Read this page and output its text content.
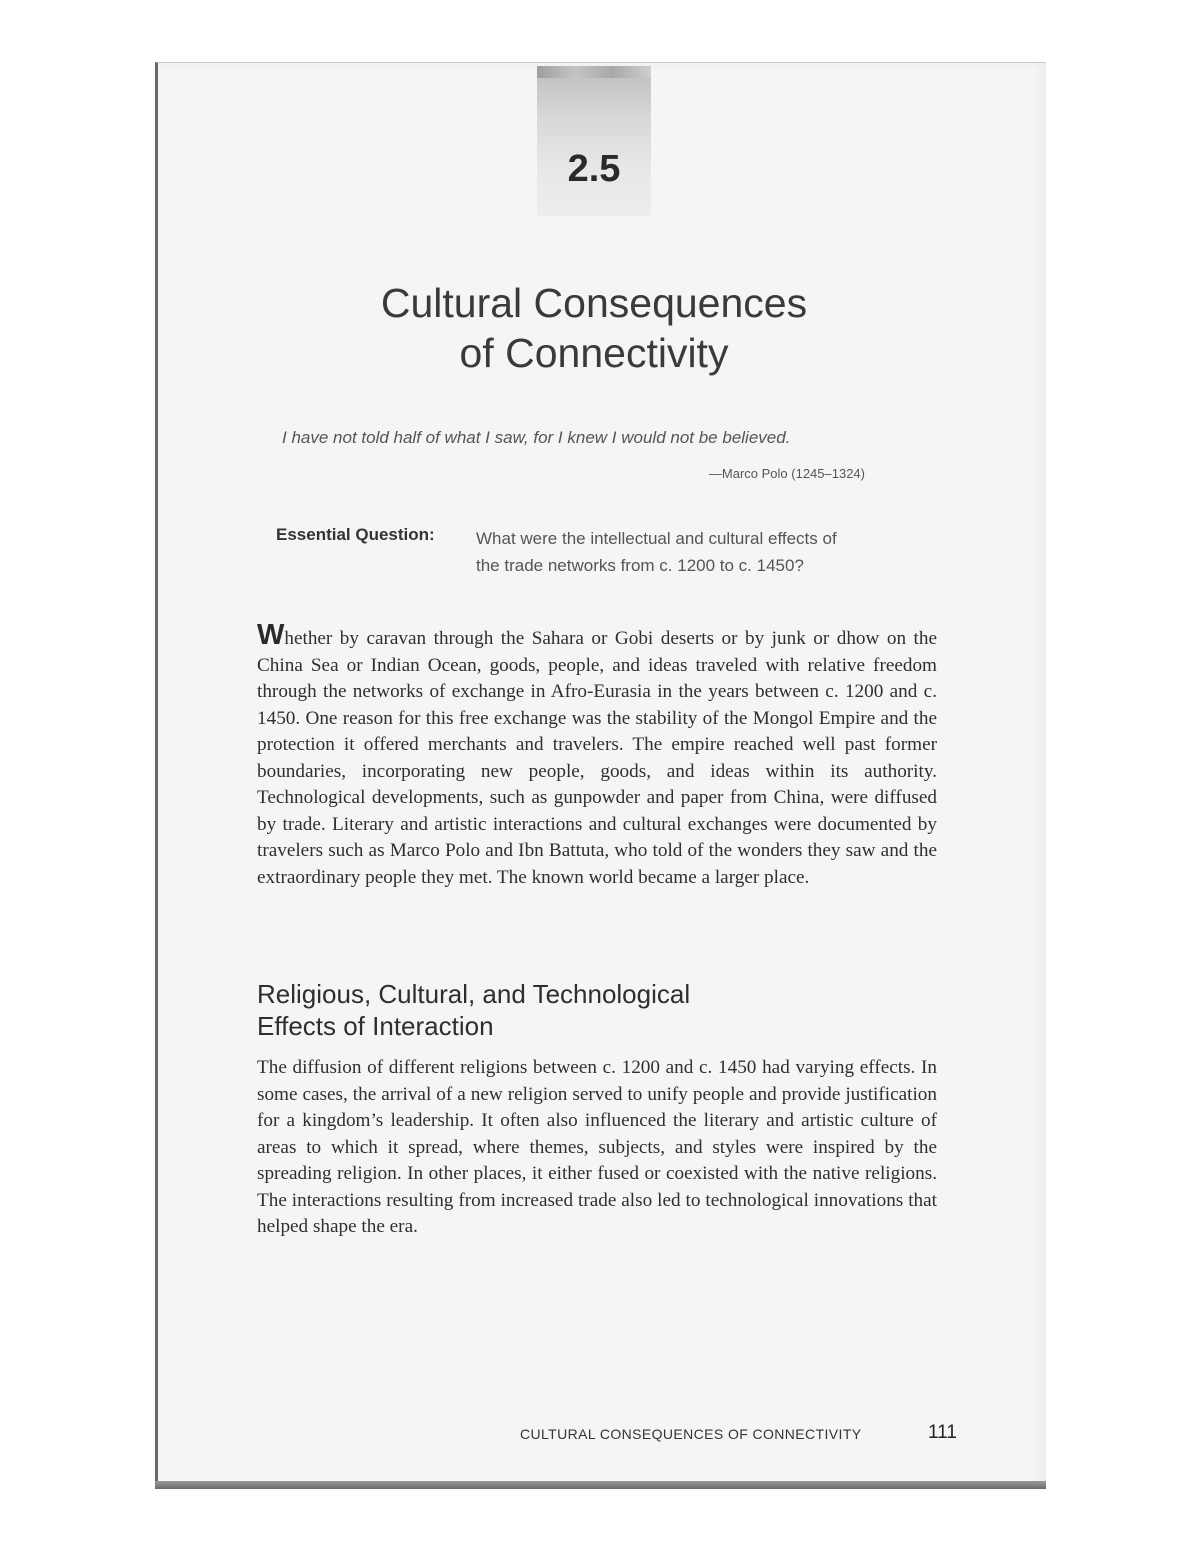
2.5
Cultural Consequences
of Connectivity
I have not told half of what I saw, for I knew I would not be believed.
—Marco Polo (1245–1324)
Essential Question: What were the intellectual and cultural effects of
the trade networks from c. 1200 to c. 1450?

Whether by caravan through the Sahara or Gobi deserts or by junk or dhow on the China Sea or Indian Ocean, goods, people, and ideas traveled with relative freedom through the networks of exchange in Afro-Eurasia in the years between c. 1200 and c. 1450. One reason for this free exchange was the stability of the Mongol Empire and the protection it offered merchants and travelers. The empire reached well past former boundaries, incorporating new people, goods, and ideas within its authority. Technological developments, such as gunpowder and paper from China, were diffused by trade. Literary and artistic interactions and cultural exchanges were documented by travelers such as Marco Polo and Ibn Battuta, who told of the wonders they saw and the extraordinary people they met. The known world became a larger place.

Religious, Cultural, and Technological
Effects of Interaction

The diffusion of different religions between c. 1200 and c. 1450 had varying effects. In some cases, the arrival of a new religion served to unify people and provide justification for a kingdom’s leadership. It often also influenced the literary and artistic culture of areas to which it spread, where themes, subjects, and styles were inspired by the spreading religion. In other places, it either fused or coexisted with the native religions. The interactions resulting from increased trade also led to technological innovations that helped shape the era.

CULTURAL CONSEQUENCES OF CONNECTIVITY	111
